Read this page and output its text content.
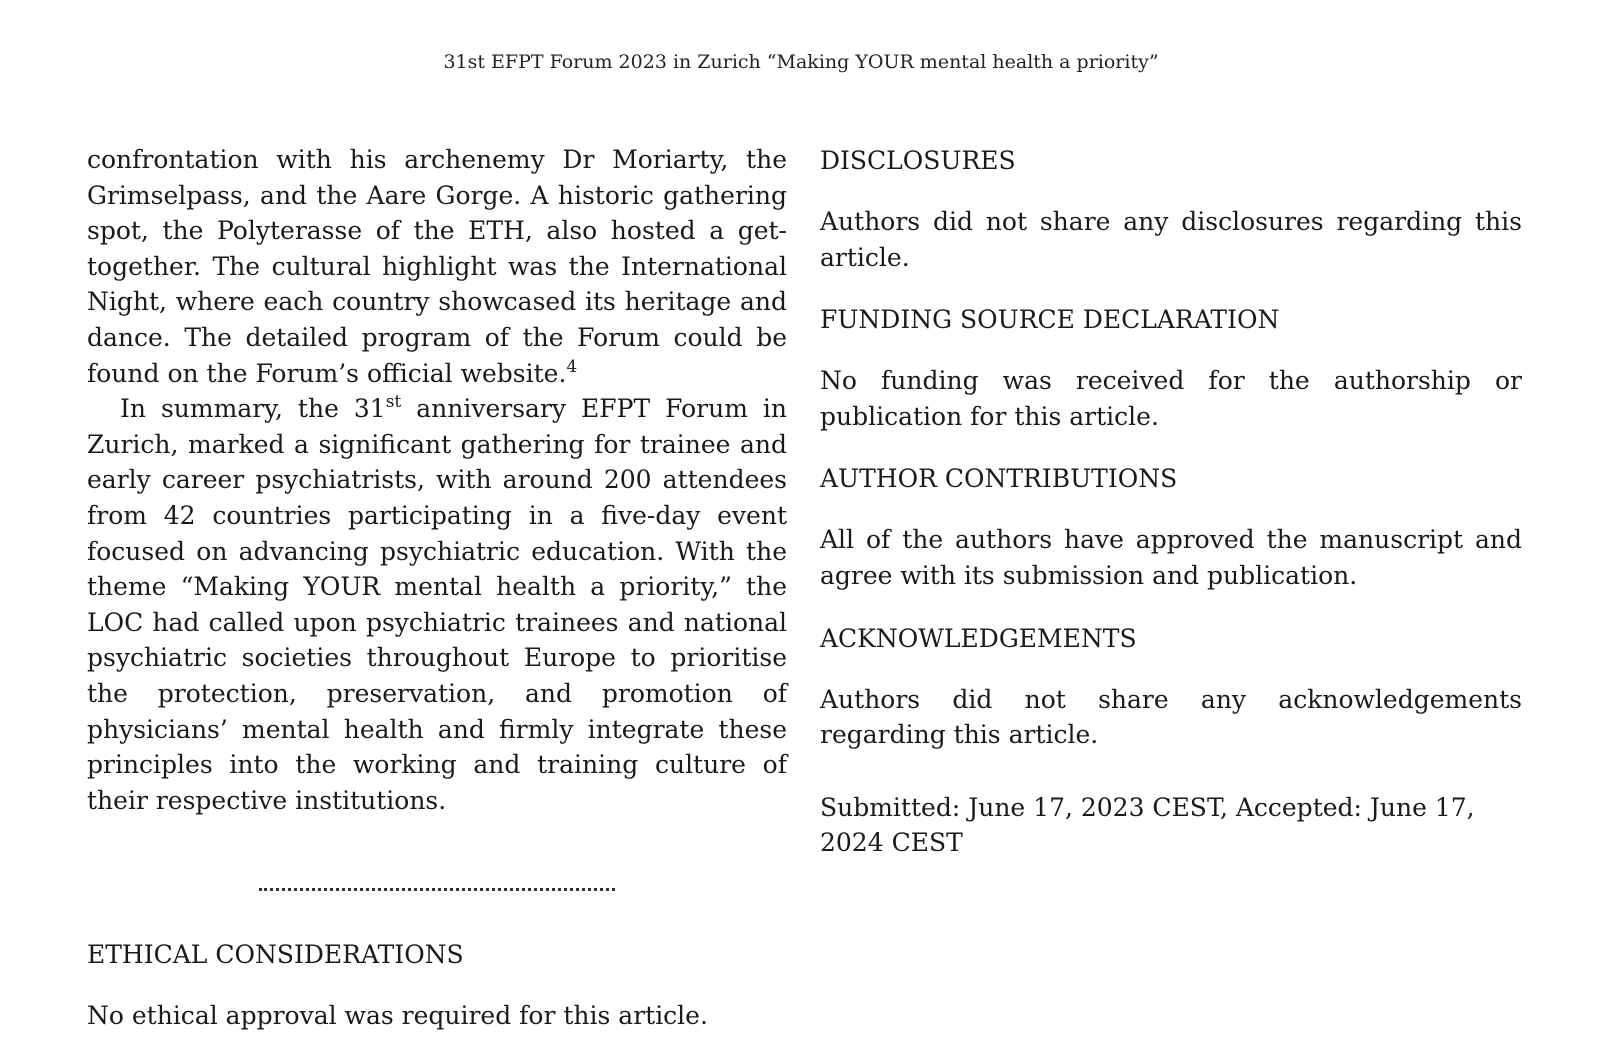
31st EFPT Forum 2023 in Zurich “Making YOUR mental health a priority”

confrontation with his archenemy Dr Moriarty, the Grimselpass, and the Aare Gorge. A historic gathering spot, the Polyterasse of the ETH, also hosted a get-together. The cultural highlight was the International Night, where each country showcased its heritage and dance. The detailed program of the Forum could be found on the Forum’s official website.$^4$

In summary, the 31st anniversary EFPT Forum in Zurich, marked a significant gathering for trainee and early career psychiatrists, with around 200 attendees from 42 countries participating in a five-day event focused on advancing psychiatric education. With the theme “Making YOUR mental health a priority,” the LOC had called upon psychiatric trainees and national psychiatric societies throughout Europe to prioritise the protection, preservation, and promotion of physicians’ mental health and firmly integrate these principles into the working and training culture of their respective institutions.

ETHICAL CONSIDERATIONS

No ethical approval was required for this article.

DISCLOSURES

Authors did not share any disclosures regarding this article.

FUNDING SOURCE DECLARATION

No funding was received for the authorship or publication for this article.

AUTHOR CONTRIBUTIONS

All of the authors have approved the manuscript and agree with its submission and publication.

ACKNOWLEDGEMENTS

Authors did not share any acknowledgements regarding this article.

Submitted: June 17, 2023 CEST, Accepted: June 17, 2024 CEST
